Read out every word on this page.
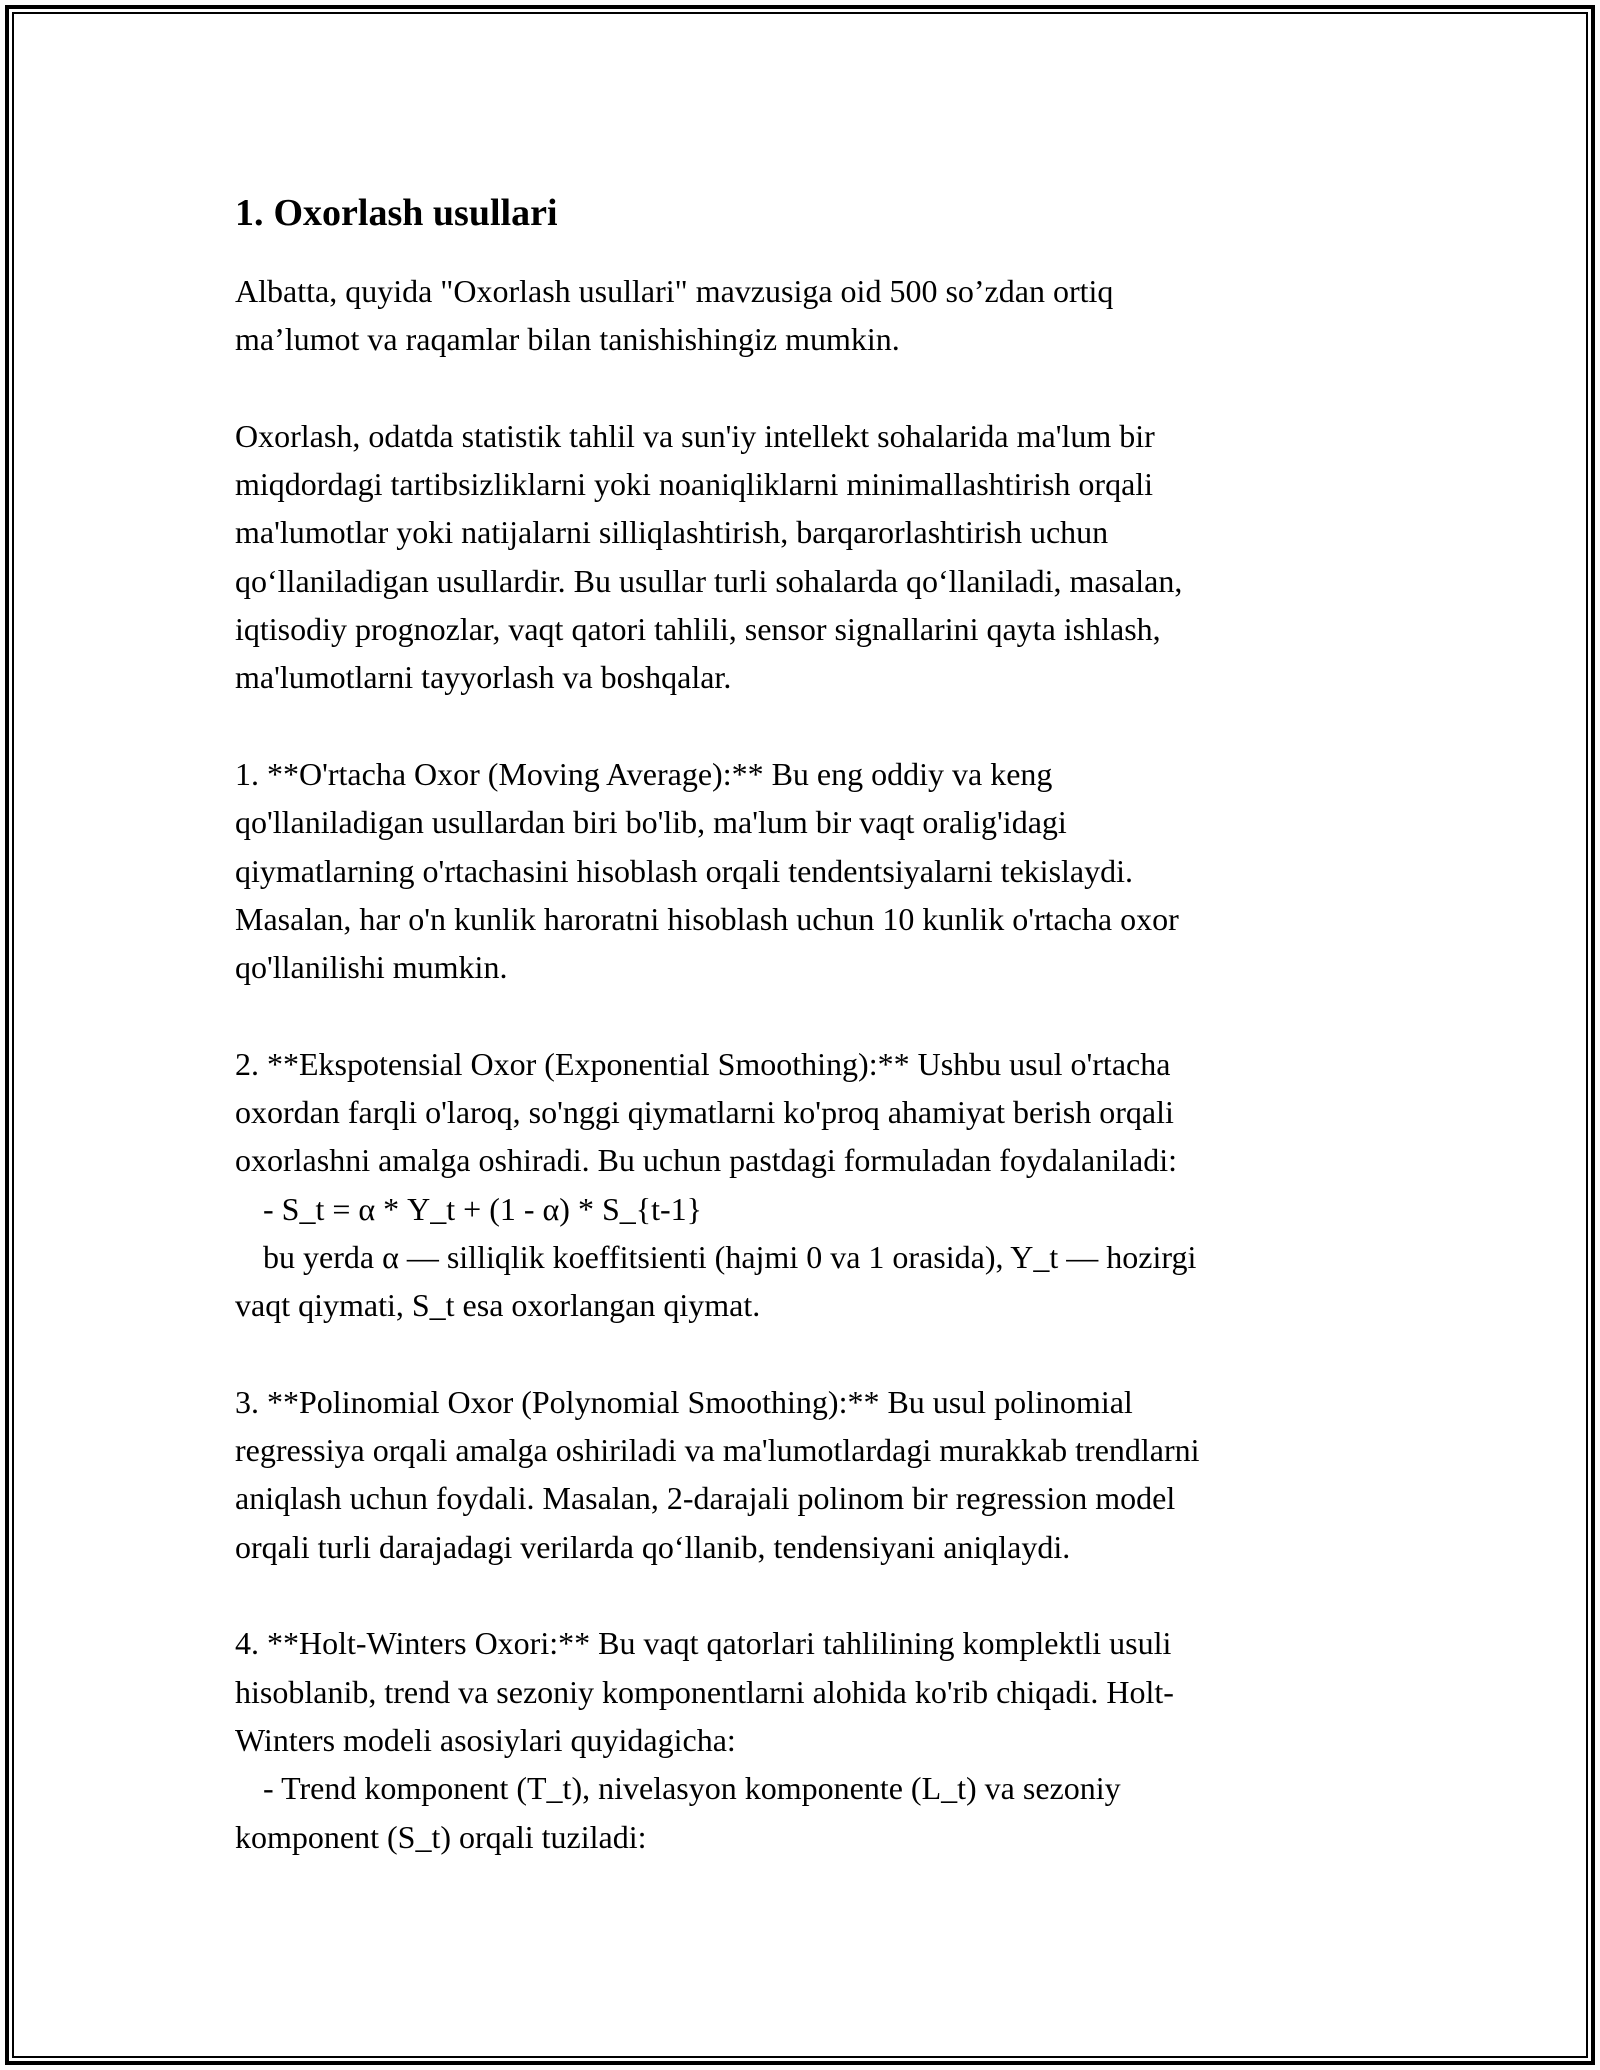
1. Oxorlash usullari
Albatta, quyida "Oxorlash usullari" mavzusiga oid 500 so’zdan ortiq
ma’lumot va raqamlar bilan tanishishingiz mumkin.
Oxorlash, odatda statistik tahlil va sun'iy intellekt sohalarida ma'lum bir
miqdordagi tartibsizliklarni yoki noaniqliklarni minimallashtirish orqali
ma'lumotlar yoki natijalarni silliqlashtirish, barqarorlashtirish uchun
qo‘llaniladigan usullardir. Bu usullar turli sohalarda qo‘llaniladi, masalan,
iqtisodiy prognozlar, vaqt qatori tahlili, sensor signallarini qayta ishlash,
ma'lumotlarni tayyorlash va boshqalar.
1. **O'rtacha Oxor (Moving Average):** Bu eng oddiy va keng
qo'llaniladigan usullardan biri bo'lib, ma'lum bir vaqt oralig'idagi
qiymatlarning o'rtachasini hisoblash orqali tendentsiyalarni tekislaydi.
Masalan, har o'n kunlik haroratni hisoblash uchun 10 kunlik o'rtacha oxor
qo'llanilishi mumkin.
2. **Ekspotensial Oxor (Exponential Smoothing):** Ushbu usul o'rtacha
oxordan farqli o'laroq, so'nggi qiymatlarni ko'proq ahamiyat berish orqali
oxorlashni amalga oshiradi. Bu uchun pastdagi formuladan foydalaniladi:
- S_t = α * Y_t + (1 - α) * S_{t-1}
bu yerda α — silliqlik koeffitsienti (hajmi 0 va 1 orasida), Y_t — hozirgi
vaqt qiymati, S_t esa oxorlangan qiymat.
3. **Polinomial Oxor (Polynomial Smoothing):** Bu usul polinomial
regressiya orqali amalga oshiriladi va ma'lumotlardagi murakkab trendlarni
aniqlash uchun foydali. Masalan, 2-darajali polinom bir regression model
orqali turli darajadagi verilarda qo‘llanib, tendensiyani aniqlaydi.
4. **Holt-Winters Oxori:** Bu vaqt qatorlari tahlilining komplektli usuli
hisoblanib, trend va sezoniy komponentlarni alohida ko'rib chiqadi. Holt-
Winters modeli asosiylari quyidagicha:
- Trend komponent (T_t), nivelasyon komponente (L_t) va sezoniy
komponent (S_t) orqali tuziladi:
